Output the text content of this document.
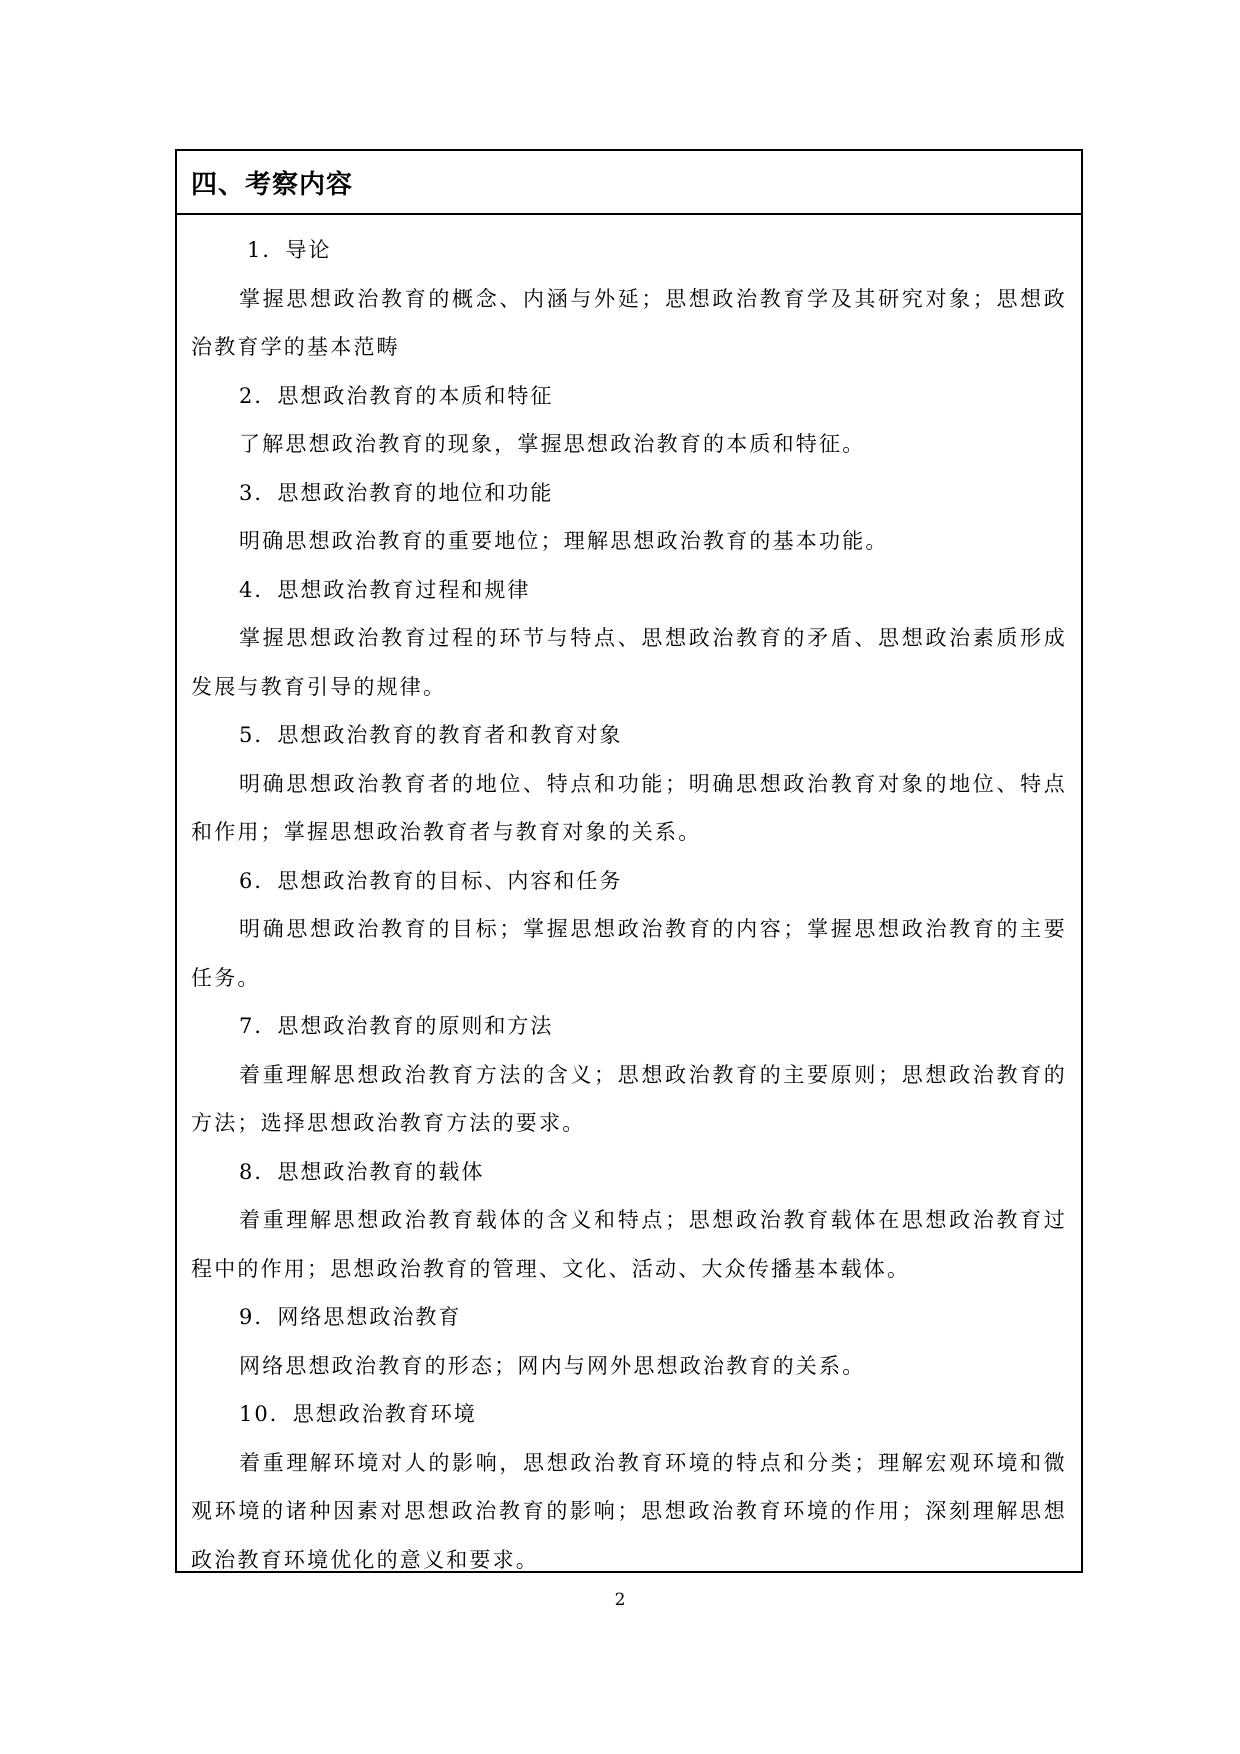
四、考察内容
1．导论
掌握思想政治教育的概念、内涵与外延；思想政治教育学及其研究对象；思想政治教育学的基本范畴
2．思想政治教育的本质和特征
了解思想政治教育的现象，掌握思想政治教育的本质和特征。
3．思想政治教育的地位和功能
明确思想政治教育的重要地位；理解思想政治教育的基本功能。
4．思想政治教育过程和规律
掌握思想政治教育过程的环节与特点、思想政治教育的矛盾、思想政治素质形成发展与教育引导的规律。
5．思想政治教育的教育者和教育对象
明确思想政治教育者的地位、特点和功能；明确思想政治教育对象的地位、特点和作用；掌握思想政治教育者与教育对象的关系。
6．思想政治教育的目标、内容和任务
明确思想政治教育的目标；掌握思想政治教育的内容；掌握思想政治教育的主要任务。
7．思想政治教育的原则和方法
着重理解思想政治教育方法的含义；思想政治教育的主要原则；思想政治教育的方法；选择思想政治教育方法的要求。
8．思想政治教育的载体
着重理解思想政治教育载体的含义和特点；思想政治教育载体在思想政治教育过程中的作用；思想政治教育的管理、文化、活动、大众传播基本载体。
9．网络思想政治教育
网络思想政治教育的形态；网内与网外思想政治教育的关系。
10．思想政治教育环境
着重理解环境对人的影响，思想政治教育环境的特点和分类；理解宏观环境和微观环境的诸种因素对思想政治教育的影响；思想政治教育环境的作用；深刻理解思想政治教育环境优化的意义和要求。
2
